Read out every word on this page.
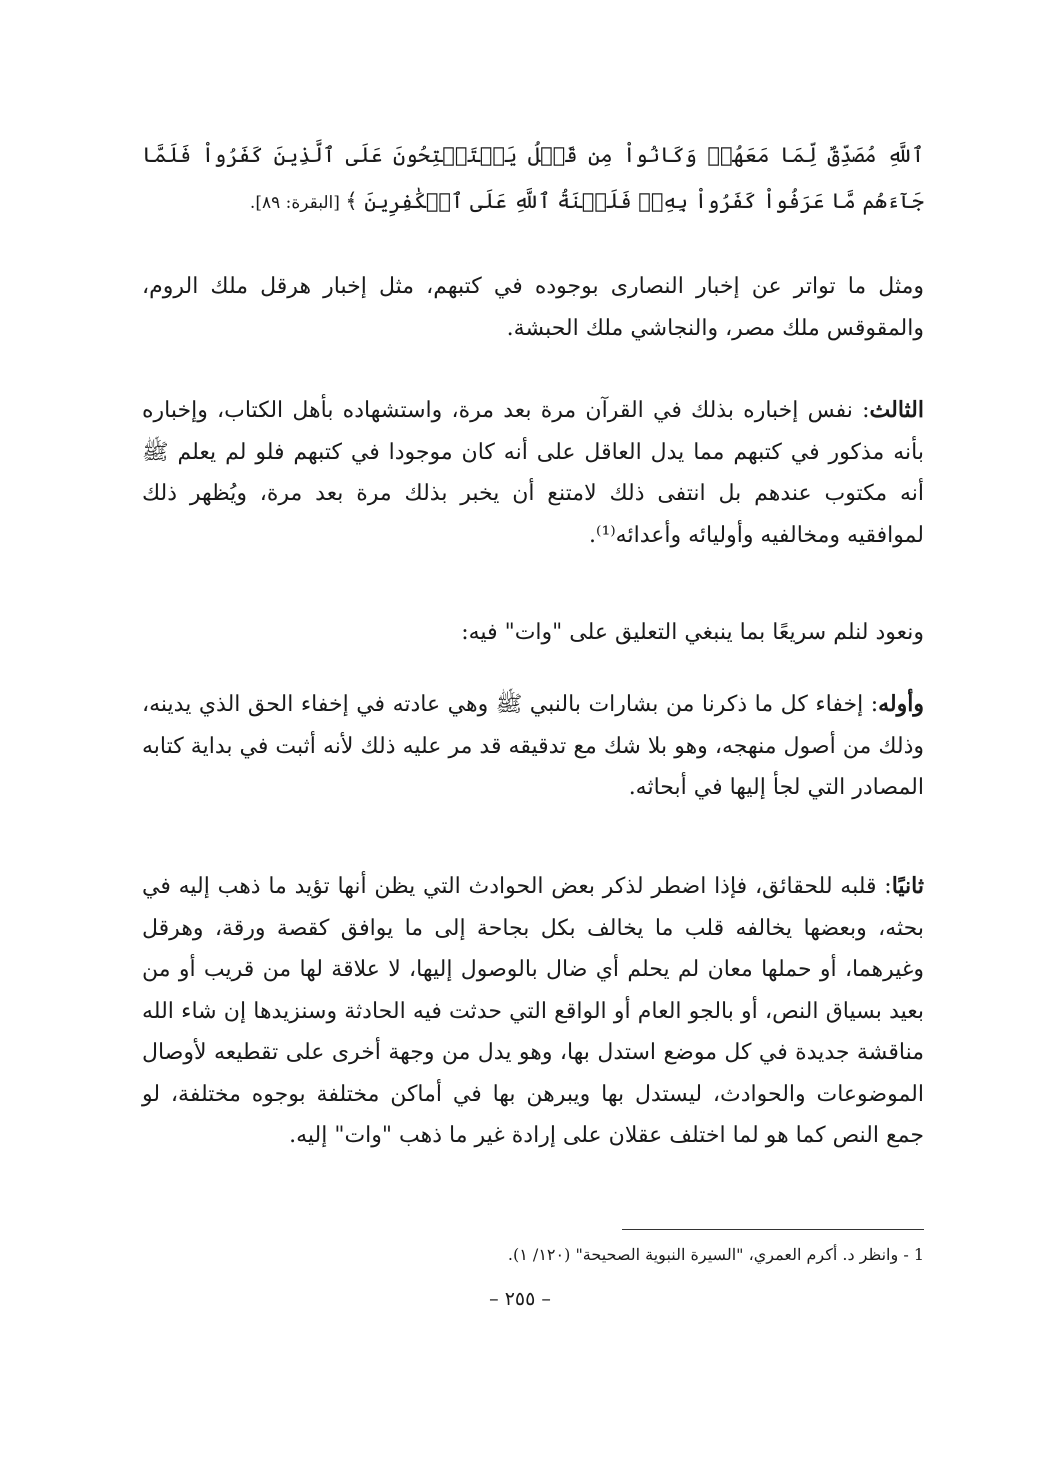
ٱللَّهِ مُصَدِّقٌ لِّمَا مَعَهُمۡ وَكَانُواْ مِن قَبۡلُ يَسۡتَفۡتِحُونَ عَلَى ٱلَّذِينَ كَفَرُواْ فَلَمَّا جَآءَهُم مَّا عَرَفُواْ كَفَرُواْ بِهِۦۚ فَلَعۡنَةُ ٱللَّهِ عَلَى ٱلۡكَٰفِرِينَ ﴾ [البقرة: ٨٩].
ومثل ما تواتر عن إخبار النصارى بوجوده في كتبهم، مثل إخبار هرقل ملك الروم، والمقوقس ملك مصر، والنجاشي ملك الحبشة.
الثالث: نفس إخباره بذلك في القرآن مرة بعد مرة، واستشهاده بأهل الكتاب، وإخباره بأنه مذكور في كتبهم مما يدل العاقل على أنه كان موجودا في كتبهم فلو لم يعلم ﷺ أنه مكتوب عندهم بل انتفى ذلك لامتنع أن يخبر بذلك مرة بعد مرة، ويُظهر ذلك لموافقيه ومخالفيه وأوليائه وأعدائه⁽¹⁾.
ونعود لنلم سريعًا بما ينبغي التعليق على "وات" فيه:
وأوله: إخفاء كل ما ذكرنا من بشارات بالنبي ﷺ وهي عادته في إخفاء الحق الذي يدينه، وذلك من أصول منهجه، وهو بلا شك مع تدقيقه قد مر عليه ذلك لأنه أثبت في بداية كتابه المصادر التي لجأ إليها في أبحاثه.
ثانيًا: قلبه للحقائق، فإذا اضطر لذكر بعض الحوادث التي يظن أنها تؤيد ما ذهب إليه في بحثه، وبعضها يخالفه قلب ما يخالف بكل بجاحة إلى ما يوافق كقصة ورقة، وهرقل وغيرهما، أو حملها معان لم يحلم أي ضال بالوصول إليها، لا علاقة لها من قريب أو من بعيد بسياق النص، أو بالجو العام أو الواقع التي حدثت فيه الحادثة وسنزيدها إن شاء الله مناقشة جديدة في كل موضع استدل بها، وهو يدل من وجهة أخرى على تقطيعه لأوصال الموضوعات والحوادث، ليستدل بها ويبرهن بها في أماكن مختلفة بوجوه مختلفة، لو جمع النص كما هو لما اختلف عقلان على إرادة غير ما ذهب "وات" إليه.
1 - وانظر د. أكرم العمري، "السيرة النبوية الصحيحة" (١٢٠/ ١).
– ٢٥٥ –
